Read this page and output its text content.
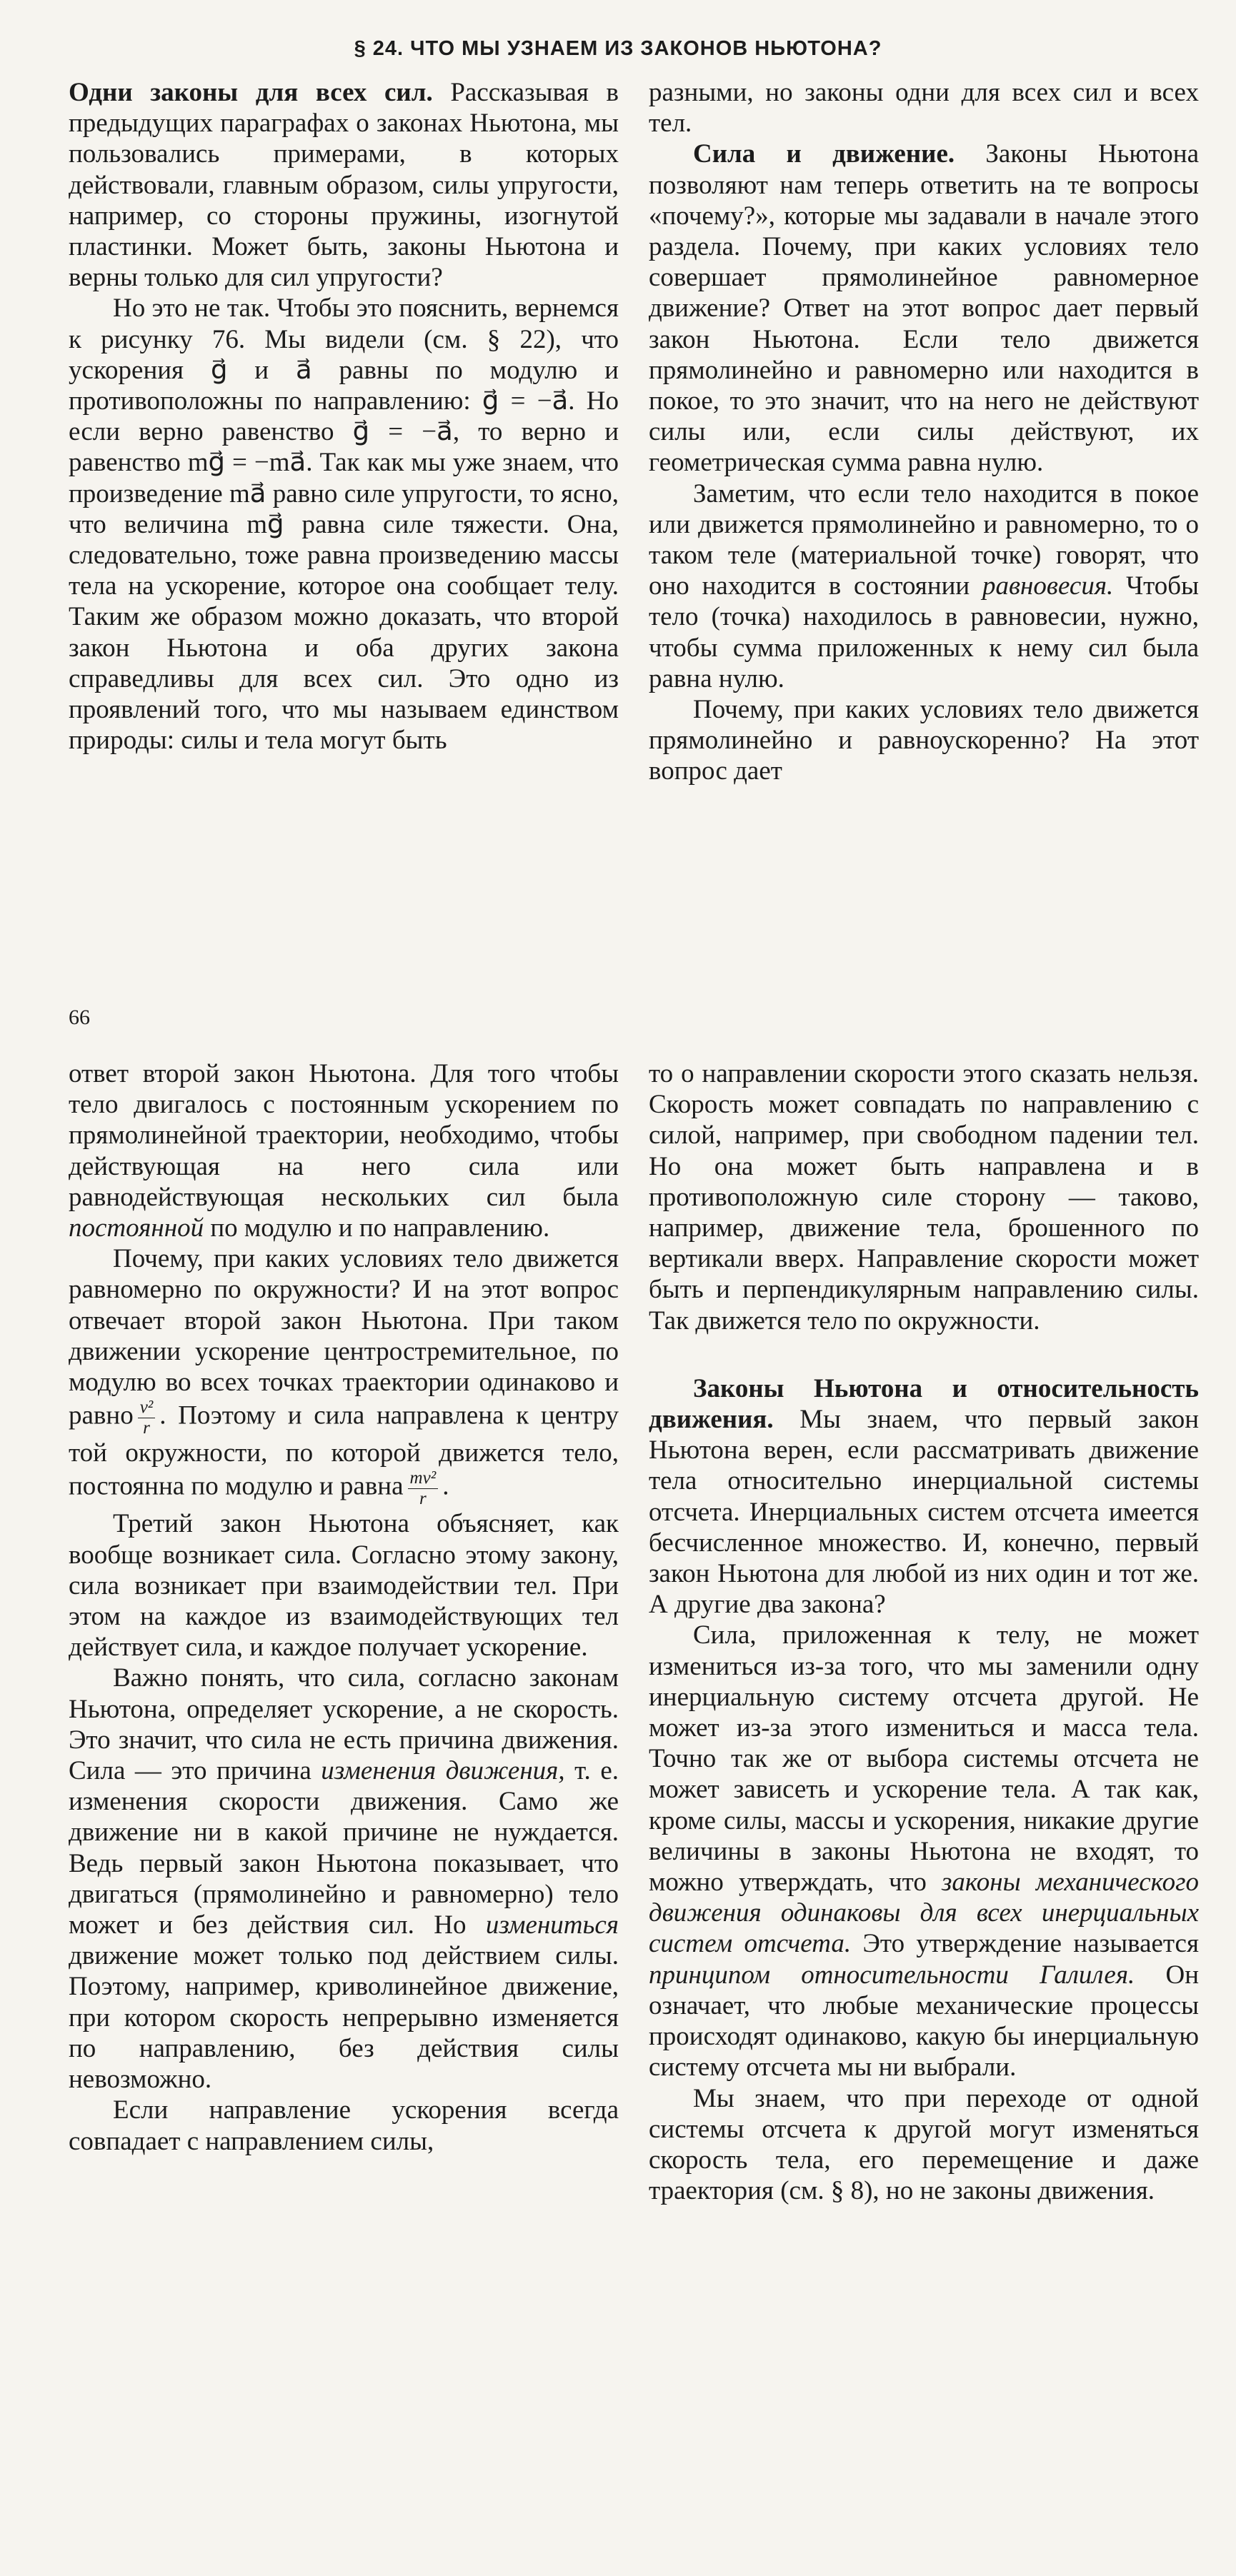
§ 24. ЧТО МЫ УЗНАЕМ ИЗ ЗАКОНОВ НЬЮТОНА?

Одни законы для всех сил. Рассказывая в предыдущих параграфах о законах Ньютона, мы пользовались примерами, в которых действовали, главным образом, силы упругости, например, со стороны пружины, изогнутой пластинки. Может быть, законы Ньютона и верны только для сил упругости?

Но это не так. Чтобы это пояснить, вернемся к рисунку 76. Мы видели (см. § 22), что ускорения g⃗ и a⃗ равны по модулю и противоположны по направлению: g⃗ = −a⃗. Но если верно равенство g⃗ = −a⃗, то верно и равенство mg⃗ = −ma⃗. Так как мы уже знаем, что произведение ma⃗ равно силе упругости, то ясно, что величина mg⃗ равна силе тяжести. Она, следовательно, тоже равна произведению массы тела на ускорение, которое она сообщает телу. Таким же образом можно доказать, что второй закон Ньютона и оба других закона справедливы для всех сил. Это одно из проявлений того, что мы называем единством природы: силы и тела могут быть

разными, но законы одни для всех сил и всех тел.

Сила и движение. Законы Ньютона позволяют нам теперь ответить на те вопросы «почему?», которые мы задавали в начале этого раздела. Почему, при каких условиях тело совершает прямолинейное равномерное движение? Ответ на этот вопрос дает первый закон Ньютона. Если тело движется прямолинейно и равномерно или находится в покое, то это значит, что на него не действуют силы или, если силы действуют, их геометрическая сумма равна нулю.

Заметим, что если тело находится в покое или движется прямолинейно и равномерно, то о таком теле (материальной точке) говорят, что оно находится в состоянии равновесия. Чтобы тело (точка) находилось в равновесии, нужно, чтобы сумма приложенных к нему сил была равна нулю.

Почему, при каких условиях тело движется прямолинейно и равноускоренно? На этот вопрос дает

66

ответ второй закон Ньютона. Для того чтобы тело двигалось с постоянным ускорением по прямолинейной траектории, необходимо, чтобы действующая на него сила или равнодействующая нескольких сил была постоянной по модулю и по направлению.

Почему, при каких условиях тело движется равномерно по окружности? И на этот вопрос отвечает второй закон Ньютона. При таком движении ускорение центростремительное, по модулю во всех точках траектории одинаково и равно $\frac{\text{v²}}{r}$ . Поэтому и сила направлена к центру той окружности, по которой движется тело, постоянна по модулю и равна $\frac{\text{mv²}}{r}$ .

Третий закон Ньютона объясняет, как вообще возникает сила. Согласно этому закону, сила возникает при взаимодействии тел. При этом на каждое из взаимодействующих тел действует сила, и каждое получает ускорение.

Важно понять, что сила, согласно законам Ньютона, определяет ускорение, а не скорость. Это значит, что сила не есть причина движения. Сила — это причина изменения движения, т. е. изменения скорости движения. Само же движение ни в какой причине не нуждается. Ведь первый закон Ньютона показывает, что двигаться (прямолинейно и равномерно) тело может и без действия сил. Но измениться движение может только под действием силы. Поэтому, например, криволинейное движение, при котором скорость непрерывно изменяется по направлению, без действия силы невозможно.

Если направление ускорения всегда совпадает с направлением силы,

то о направлении скорости этого сказать нельзя. Скорость может совпадать по направлению с силой, например, при свободном падении тел. Но она может быть направлена и в противоположную силе сторону — таково, например, движение тела, брошенного по вертикали вверх. Направление скорости может быть и перпендикулярным направлению силы. Так движется тело по окружности.

Законы Ньютона и относительность движения. Мы знаем, что первый закон Ньютона верен, если рассматривать движение тела относительно инерциальной системы отсчета. Инерциальных систем отсчета имеется бесчисленное множество. И, конечно, первый закон Ньютона для любой из них один и тот же. А другие два закона?

Сила, приложенная к телу, не может измениться из-за того, что мы заменили одну инерциальную систему отсчета другой. Не может из-за этого измениться и масса тела. Точно так же от выбора системы отсчета не может зависеть и ускорение тела. А так как, кроме силы, массы и ускорения, никакие другие величины в законы Ньютона не входят, то можно утверждать, что законы механического движения одинаковы для всех инерциальных систем отсчета. Это утверждение называется принципом относительности Галилея. Он означает, что любые механические процессы происходят одинаково, какую бы инерциальную систему отсчета мы ни выбрали.

Мы знаем, что при переходе от одной системы отсчета к другой могут изменяться скорость тела, его перемещение и даже траектория (см. § 8), но не законы движения.
